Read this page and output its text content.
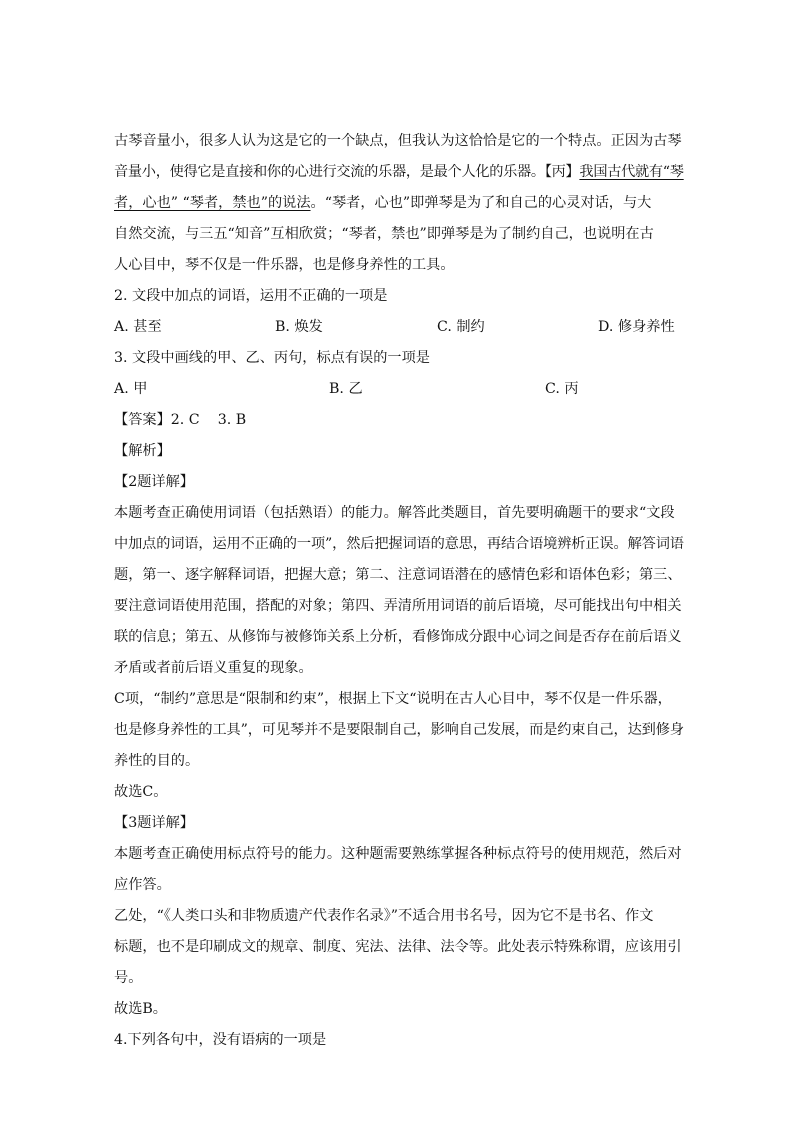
古琴音量小，很多人认为这是它的一个缺点，但我认为这恰恰是它的一个特点。正因为古琴
音量小，使得它是直接和你的心进行交流的乐器，是最个人化的乐器。【丙】我国古代就有“琴
者，心也” “琴者，禁也”的说法。“琴者，心也”即弹琴是为了和自己的心灵对话，与大
自然交流，与三五“知音”互相欣赏；“琴者，禁也”即弹琴是为了制约自己，也说明在古
人心目中，琴不仅是一件乐器，也是修身养性的工具。
2. 文段中加点的词语，运用不正确的一项是
A. 甚至	B. 焕发	C. 制约	D. 修身养性
3. 文段中画线的甲、乙、丙句，标点有误的一项是
A. 甲	B. 乙	C. 丙
【答案】2. C    3. B
【解析】
【2题详解】
本题考查正确使用词语（包括熟语）的能力。解答此类题目，首先要明确题干的要求“文段
中加点的词语，运用不正确的一项”，然后把握词语的意思，再结合语境辨析正误。解答词语
题，第一、逐字解释词语，把握大意；第二、注意词语潜在的感情色彩和语体色彩；第三、
要注意词语使用范围，搭配的对象；第四、弄清所用词语的前后语境，尽可能找出句中相关
联的信息；第五、从修饰与被修饰关系上分析，看修饰成分跟中心词之间是否存在前后语义
矛盾或者前后语义重复的现象。
C项，“制约”意思是“限制和约束”，根据上下文“说明在古人心目中，琴不仅是一件乐器，
也是修身养性的工具”，可见琴并不是要限制自己，影响自己发展，而是约束自己，达到修身
养性的目的。
故选C。
【3题详解】
本题考查正确使用标点符号的能力。这种题需要熟练掌握各种标点符号的使用规范，然后对
应作答。
乙处，“《人类口头和非物质遗产代表作名录》”不适合用书名号，因为它不是书名、作文
标题，也不是印刷成文的规章、制度、宪法、法律、法令等。此处表示特殊称谓，应该用引
号。
故选B。
4.下列各句中，没有语病的一项是
